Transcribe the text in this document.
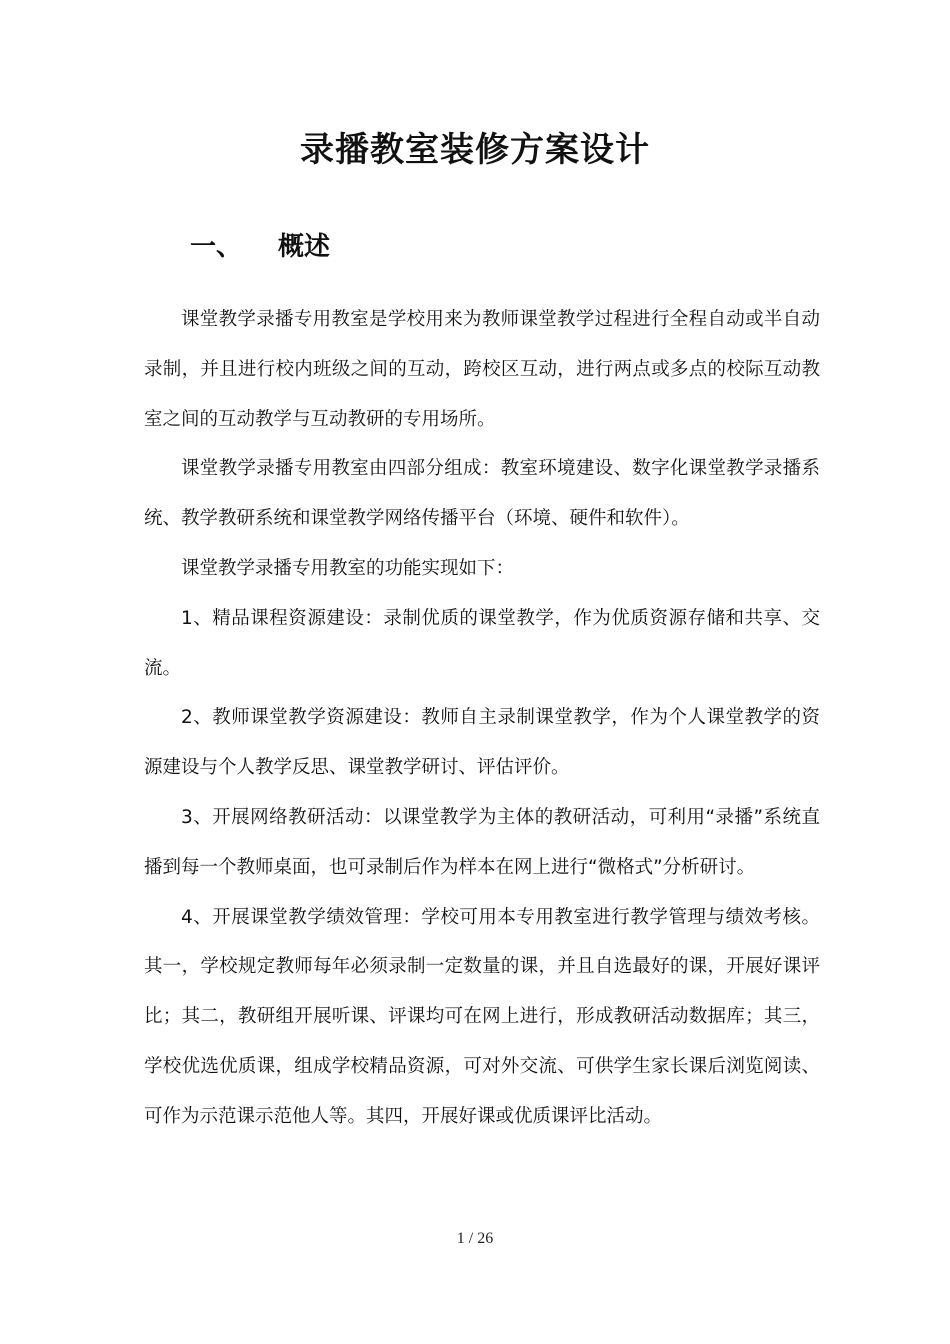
录播教室装修方案设计
一、 概述

课堂教学录播专用教室是学校用来为教师课堂教学过程进行全程自动或半自动录制，并且进行校内班级之间的互动，跨校区互动，进行两点或多点的校际互动教室之间的互动教学与互动教研的专用场所。

课堂教学录播专用教室由四部分组成：教室环境建设、数字化课堂教学录播系统、教学教研系统和课堂教学网络传播平台（环境、硬件和软件）。

课堂教学录播专用教室的功能实现如下：

1、精品课程资源建设：录制优质的课堂教学，作为优质资源存储和共享、交流。

2、教师课堂教学资源建设：教师自主录制课堂教学，作为个人课堂教学的资源建设与个人教学反思、课堂教学研讨、评估评价。

3、开展网络教研活动：以课堂教学为主体的教研活动，可利用“录播”系统直播到每一个教师桌面，也可录制后作为样本在网上进行“微格式”分析研讨。

4、开展课堂教学绩效管理：学校可用本专用教室进行教学管理与绩效考核。其一，学校规定教师每年必须录制一定数量的课，并且自选最好的课，开展好课评比；其二，教研组开展听课、评课均可在网上进行，形成教研活动数据库；其三，学校优选优质课，组成学校精品资源，可对外交流、可供学生家长课后浏览阅读、可作为示范课示范他人等。其四，开展好课或优质课评比活动。

1 / 26
